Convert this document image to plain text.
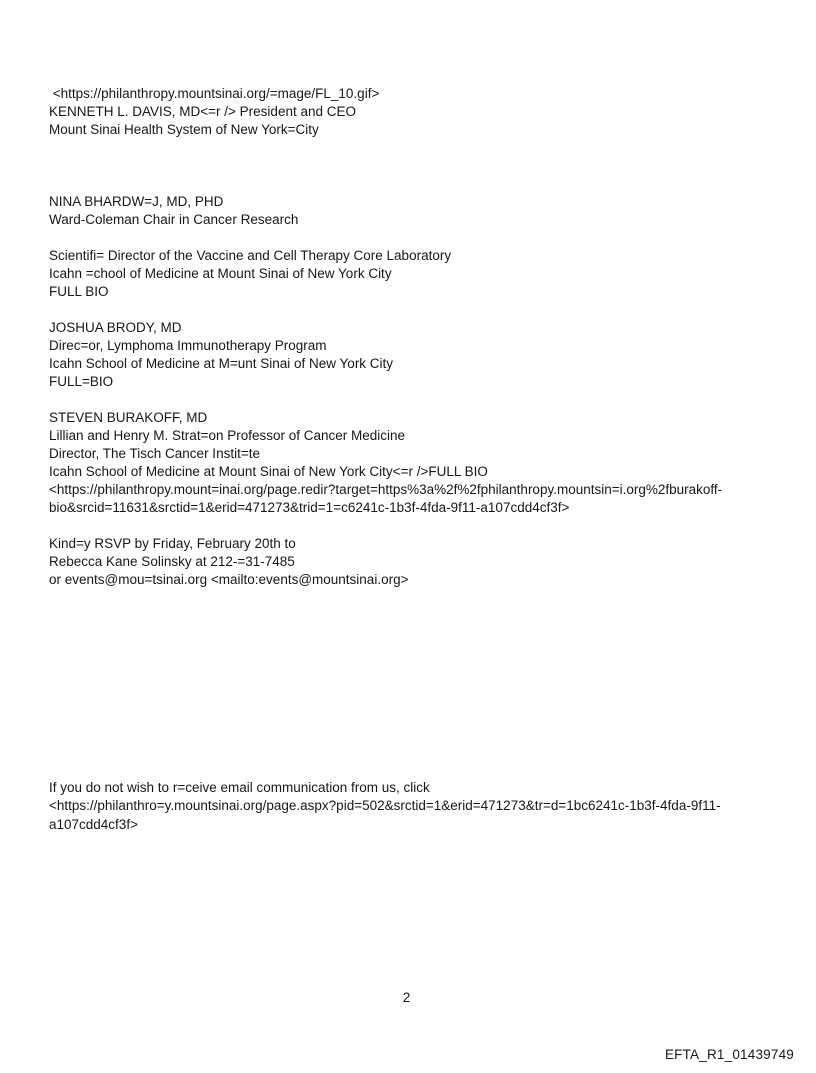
<https://philanthropy.mountsinai.org/=mage/FL_10.gif>
KENNETH L. DAVIS, MD<=r /> President and CEO
Mount Sinai Health System of New York=City
NINA BHARDW=J, MD, PHD
Ward-Coleman Chair in Cancer Research
Scientifi= Director of the Vaccine and Cell Therapy Core Laboratory
Icahn =chool of Medicine at Mount Sinai of New York City
FULL BIO
JOSHUA BRODY, MD
Direc=or, Lymphoma Immunotherapy Program
Icahn School of Medicine at M=unt Sinai of New York City
FULL=BIO
STEVEN BURAKOFF, MD
Lillian and Henry M. Strat=on Professor of Cancer Medicine
Director, The Tisch Cancer Instit=te
Icahn School of Medicine at Mount Sinai of New York City<=r />FULL BIO
<https://philanthropy.mount=inai.org/page.redir?target=https%3a%2f%2fphilanthropy.mountsin=i.org%2fburakoff-
bio&srcid=11631&srctid=1&erid=471273&trid=1=c6241c-1b3f-4fda-9f11-a107cdd4cf3f>
Kind=y RSVP by Friday, February 20th to
Rebecca Kane Solinsky at 212-=31-7485
or events@mou=tsinai.org <mailto:events@mountsinai.org>
If you do not wish to r=ceive email communication from us, click
<https://philanthro=y.mountsinai.org/page.aspx?pid=502&srctid=1&erid=471273&tr=d=1bc6241c-1b3f-4fda-9f11-
a107cdd4cf3f>
2
EFTA_R1_01439749
